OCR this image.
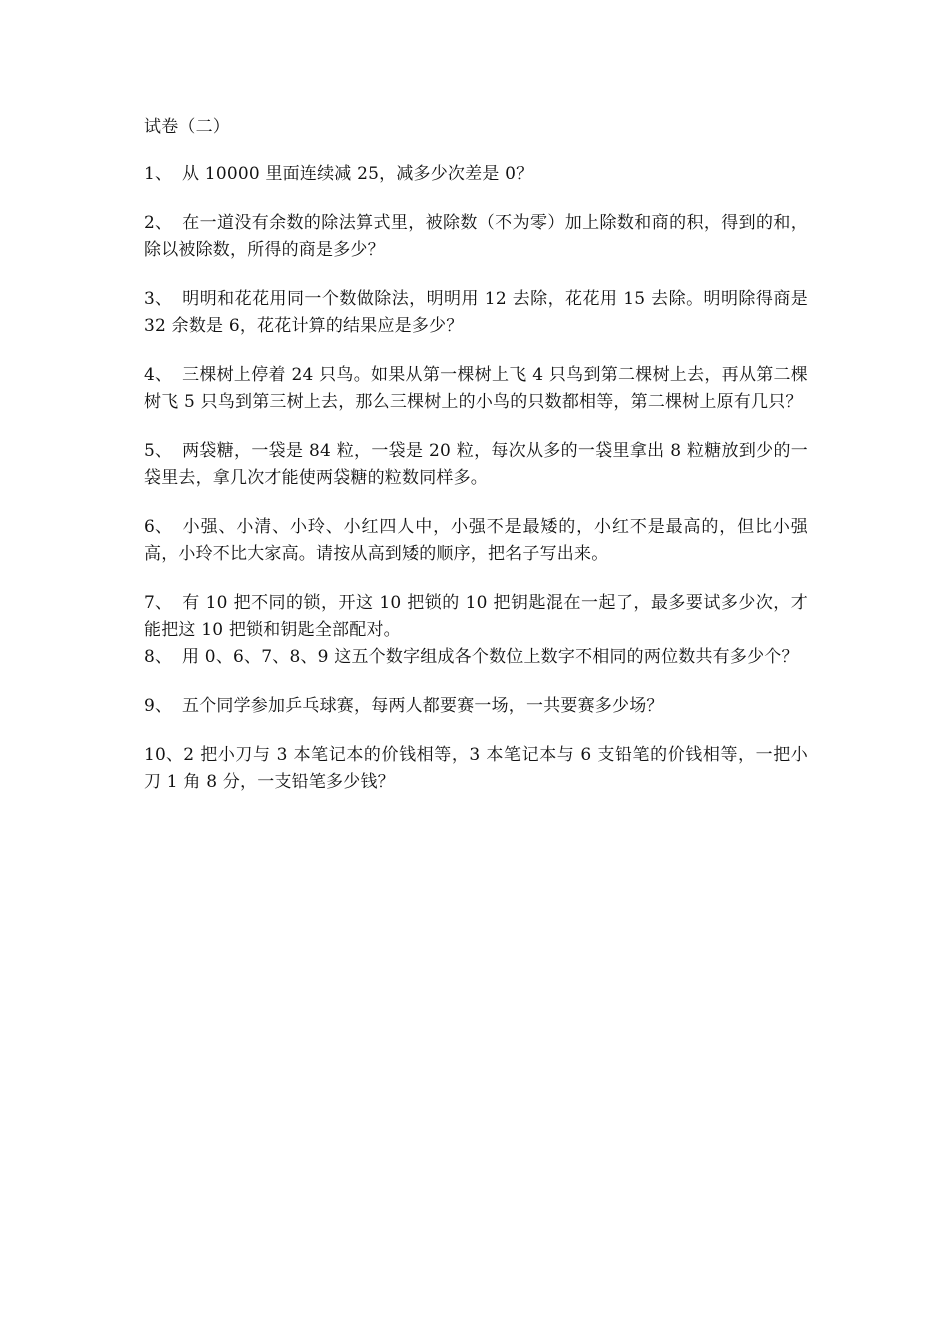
试卷（二）
1、 从 10000 里面连续减 25，减多少次差是 0？
2、 在一道没有余数的除法算式里，被除数（不为零）加上除数和商的积，得到的和，除以被除数，所得的商是多少？
3、 明明和花花用同一个数做除法，明明用 12 去除，花花用 15 去除。明明除得商是 32 余数是 6，花花计算的结果应是多少？
4、 三棵树上停着 24 只鸟。如果从第一棵树上飞 4 只鸟到第二棵树上去，再从第二棵树飞 5 只鸟到第三树上去，那么三棵树上的小鸟的只数都相等，第二棵树上原有几只？
5、 两袋糖，一袋是 84 粒，一袋是 20 粒，每次从多的一袋里拿出 8 粒糖放到少的一袋里去，拿几次才能使两袋糖的粒数同样多。
6、 小强、小清、小玲、小红四人中，小强不是最矮的，小红不是最高的，但比小强高，小玲不比大家高。请按从高到矮的顺序，把名子写出来。
7、 有 10 把不同的锁，开这 10 把锁的 10 把钥匙混在一起了，最多要试多少次，才能把这 10 把锁和钥匙全部配对。
8、 用 0、6、7、8、9 这五个数字组成各个数位上数字不相同的两位数共有多少个？
9、 五个同学参加乒乓球赛，每两人都要赛一场，一共要赛多少场？
10、2 把小刀与 3 本笔记本的价钱相等，3 本笔记本与 6 支铅笔的价钱相等，一把小刀 1 角 8 分，一支铅笔多少钱？
